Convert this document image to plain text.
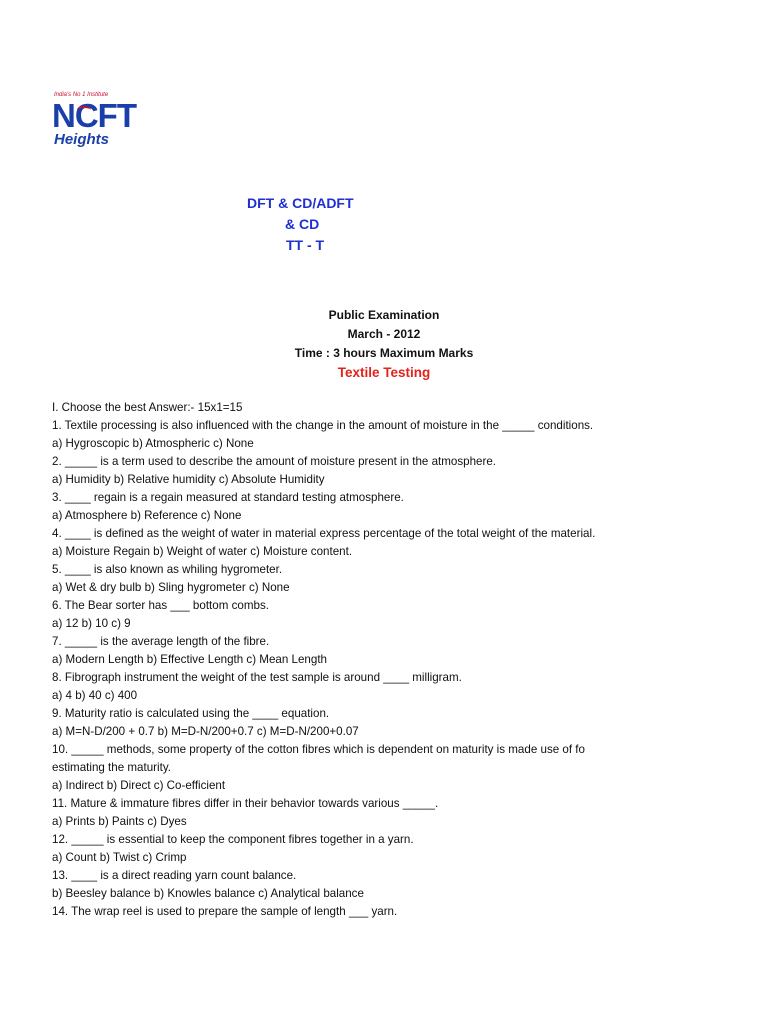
India's No 1 Institute
NCFT
Heights
DFT & CD/ADFT
& CD
TT - T
Public Examination
March - 2012
Time : 3 hours Maximum Marks
Textile Testing
I. Choose the best Answer:- 15x1=15
1. Textile processing is also influenced with the change in the amount of moisture in the _____ conditions.
a) Hygroscopic b) Atmospheric c) None
2. _____ is a term used to describe the amount of moisture present in the atmosphere.
a) Humidity b) Relative humidity c) Absolute Humidity
3. ____ regain is a regain measured at standard testing atmosphere.
a) Atmosphere b) Reference c) None
4. ____ is defined as the weight of water in material express percentage of the total weight of the material.
a) Moisture Regain b) Weight of water c) Moisture content.
5. ____ is also known as whiling hygrometer.
a) Wet & dry bulb b) Sling hygrometer c) None
6. The Bear sorter has ___ bottom combs.
a) 12 b) 10 c) 9
7. _____ is the average length of the fibre.
a) Modern Length b) Effective Length c) Mean Length
8. Fibrograph instrument the weight of the test sample is around ____ milligram.
a) 4 b) 40 c) 400
9. Maturity ratio is calculated using the ____ equation.
a) M=N-D/200 + 0.7 b) M=D-N/200+0.7 c) M=D-N/200+0.07
10. _____ methods, some property of the cotton fibres which is dependent on maturity is made use of fo
estimating the maturity.
a) Indirect b) Direct c) Co-efficient
11. Mature & immature fibres differ in their behavior towards various _____.
a) Prints b) Paints c) Dyes
12. _____ is essential to keep the component fibres together in a yarn.
a) Count b) Twist c) Crimp
13. ____ is a direct reading yarn count balance.
b) Beesley balance b) Knowles balance c) Analytical balance
14. The wrap reel is used to prepare the sample of length ___ yarn.
